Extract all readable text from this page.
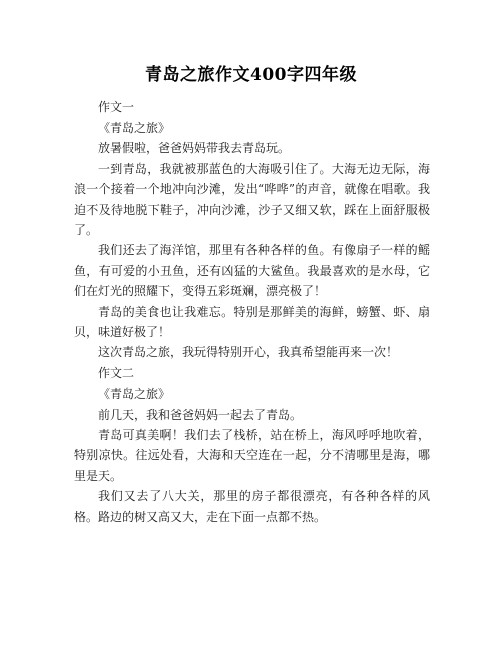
青岛之旅作文400字四年级

作文一

《青岛之旅》

放暑假啦，爸爸妈妈带我去青岛玩。

一到青岛，我就被那蓝色的大海吸引住了。大海无边无际，海浪一个接着一个地冲向沙滩，发出“哗哗”的声音，就像在唱歌。我迫不及待地脱下鞋子，冲向沙滩，沙子又细又软，踩在上面舒服极了。

我们还去了海洋馆，那里有各种各样的鱼。有像扇子一样的鳐鱼，有可爱的小丑鱼，还有凶猛的大鲨鱼。我最喜欢的是水母，它们在灯光的照耀下，变得五彩斑斓，漂亮极了！

青岛的美食也让我难忘。特别是那鲜美的海鲜，螃蟹、虾、扇贝，味道好极了！

这次青岛之旅，我玩得特别开心，我真希望能再来一次！

作文二

《青岛之旅》

前几天，我和爸爸妈妈一起去了青岛。

青岛可真美啊！我们去了栈桥，站在桥上，海风呼呼地吹着，特别凉快。往远处看，大海和天空连在一起，分不清哪里是海，哪里是天。

我们又去了八大关，那里的房子都很漂亮，有各种各样的风格。路边的树又高又大，走在下面一点都不热。
